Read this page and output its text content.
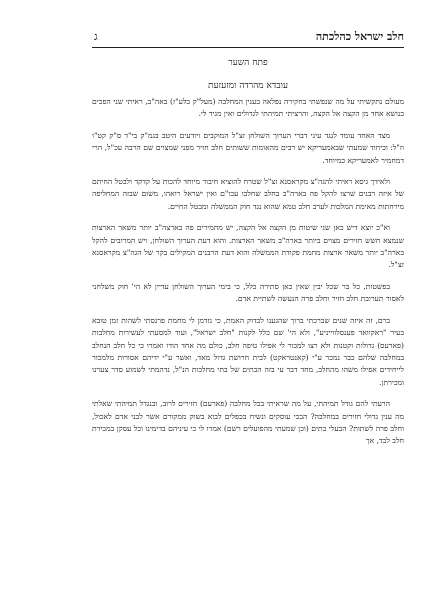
חלב ישראל כהלכתה
ג
פתח השער
עובדא מהרדה ומזעזעת

מעולם נתקשיתי על מה שנפשתי בחקירה נפלאה בענין המחלבה (מעל"ק בלע"ז) באה"ב, ראיתי שני הפכים בנושא אחד מן הקצה אל הקצה, והרציתי תמיהתי לגדולים ואין מגיד לי.

מצד האחד עומד לנגד עיני דברי הערוך השולחן זצ"ל המוקבים ויודעים היטב בגמ"ק בי"ד ס"ק קט"ו וז"ל: וביחוד שמעתי שבאמעריקא יש רבים מהאומות ששותים חלב חזיר מפני שמצוים שם הרבה עכ"ל, הרי דמחמיר לאמעריקא כמיוחד.

ולאידך גיסא ראיתי להגה"צ מקראסנא זצ"ל שטרח להוציא חיבור מיוחד להכות על קדקד ולבטל החיתם של איזה רבנים שרצו להקל פה בארה"ב בחלב שחלבו עכו"ם ואין ישראל רואהו, משום שבזה המחליפה מירחתות מאימת המלכות לערב חלב טמא שהוא נגד חוק הממשלה ומבטל החיים.

וא"כ יוצא דיש כאן שני שיטות מן הקצה אל הקצה, יש מחמירים פה בארצה"ב יותר משאר הארצות שנמצא חשש חזירים מצוים ביותר בארה"ב משאר הארצות. והוא דעת הערוך השולחן, ויש המרובים להקל בארה"ב יותר משאר ארצות מחמת פקודת הממשלה והוא דעת הרבנים המקילים בקר של הגה"צ מקראסנא זצ"ל.

בפשטות, כל בר שכל יבין שאין כאן סתירה כלל, כי בימי הערוך השולחן עדיין לא הי' חוק משלחני לאסור תערובת חלב חזיר וחלב פרה הנעשה לשתיית אדם.

ברם, זה איזה שנים שברכתי ברוך שהגענו לבדוק האמת, כי נזדמן לי מחמת פרנסתי לשהות זמן טובא בעיר "ראקוואד פענסלווייניע", ולא הי' שם כלל לקנות "חלב ישראל", ועוד למסעתי לעשירות מחלבות (פארעס) גדולות וקטנות ולא רצו למכור לי אפילו טיפה חלב, כולם מה אחד הודו ואמרו כי כל חלב הנחלב במחלבה שלהם כבר נמכר ע"י (קאנטראקט) לבית חרושת גדול מאד, ואשר ע"י ידיהם אסורות מלמכור לייחידים אפילו משהו מהחלב, מחד דבר עי בזה הבתים של בתי מחלבות הנ"ל, נדהמתי לשמוע סדר צערנו ומכירתן.

הרעתי להם גודל תמיהתי, על מה שראיתי בכל מחלבה (פארעם) חזירים לרוב, ובנגדל תמיהתי שאלתי מה ענין גדולי חזירים במחלבה? הבכי עוסקים ונשיח בכפלים לבוא בשוק ממקורם אשר לבני אדם לאכול, וחלב פרה לשתות? הבעלי בתים (וכן שמעתי מהפועלים רשם) אמרו לי כי עיניהם בדימינו וכל עסקן במכירת חלב לבד, אך
